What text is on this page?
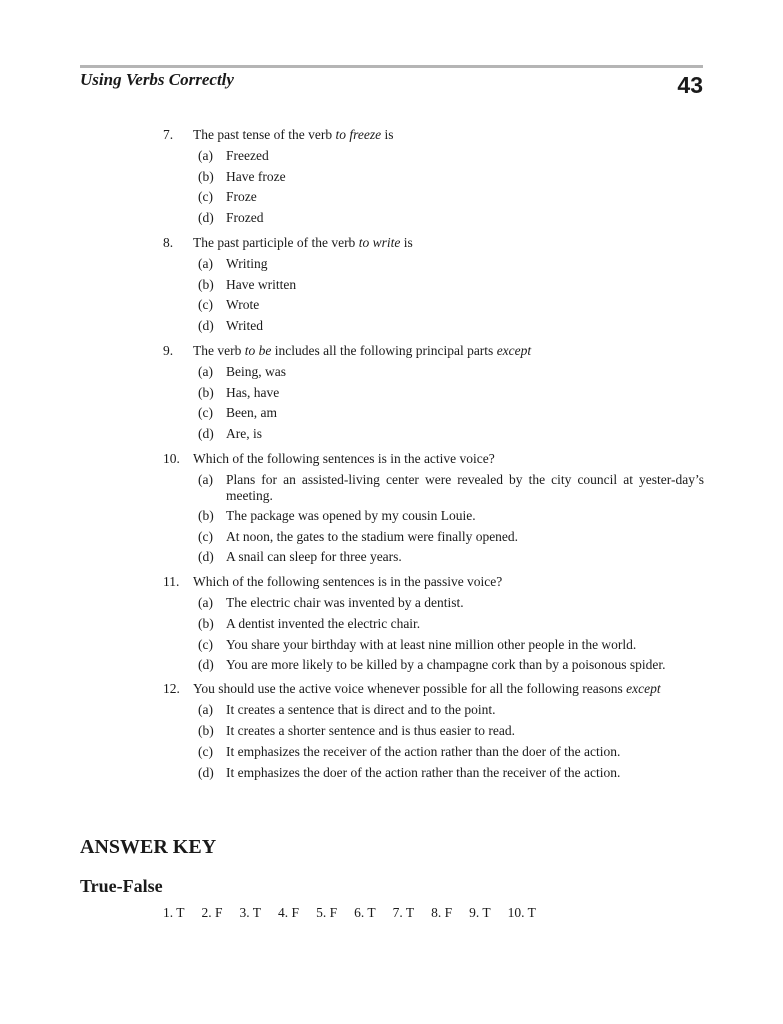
Using Verbs Correctly	43
7.	The past tense of the verb to freeze is
(a) Freezed
(b) Have froze
(c) Froze
(d) Frozed
8.	The past participle of the verb to write is
(a) Writing
(b) Have written
(c) Wrote
(d) Writed
9.	The verb to be includes all the following principal parts except
(a) Being, was
(b) Has, have
(c) Been, am
(d) Are, is
10. Which of the following sentences is in the active voice?
(a) Plans for an assisted-living center were revealed by the city council at yester-day’s meeting.
(b) The package was opened by my cousin Louie.
(c) At noon, the gates to the stadium were finally opened.
(d) A snail can sleep for three years.
11.	Which of the following sentences is in the passive voice?
(a) The electric chair was invented by a dentist.
(b) A dentist invented the electric chair.
(c) You share your birthday with at least nine million other people in the world.
(d) You are more likely to be killed by a champagne cork than by a poisonous spider.
12. You should use the active voice whenever possible for all the following reasons except
(a) It creates a sentence that is direct and to the point.
(b) It creates a shorter sentence and is thus easier to read.
(c) It emphasizes the receiver of the action rather than the doer of the action.
(d) It emphasizes the doer of the action rather than the receiver of the action.
ANSWER KEY
True-False
1. T 2. F 3. T 4. F 5. F 6. T 7. T 8. F 9. T 10. T
